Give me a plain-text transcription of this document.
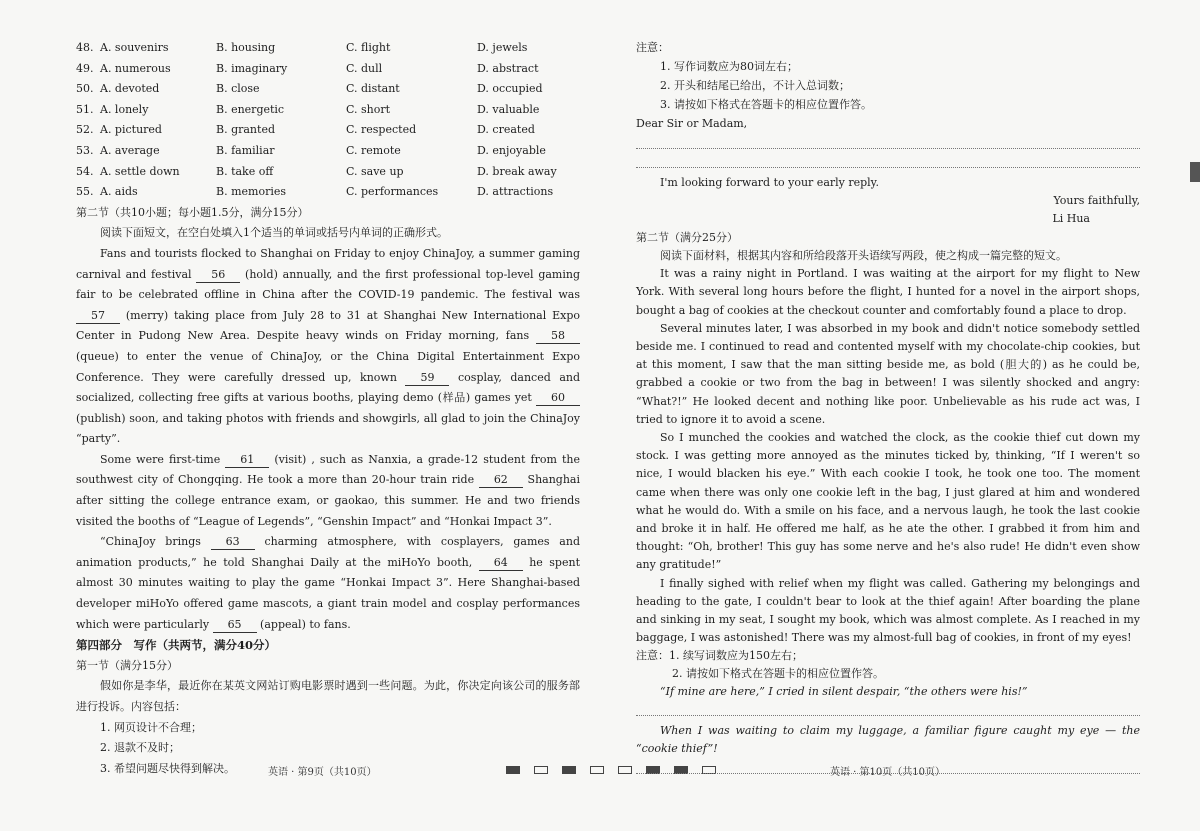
48. A. souvenirs	B. housing	C. flight	D. jewels
49. A. numerous	B. imaginary	C. dull	D. abstract
50. A. devoted	B. close	C. distant	D. occupied
51. A. lonely	B. energetic	C. short	D. valuable
52. A. pictured	B. granted	C. respected	D. created
53. A. average	B. familiar	C. remote	D. enjoyable
54. A. settle down	B. take off	C. save up	D. break away
55. A. aids	B. memories	C. performances	D. attractions
第二节（共10小题；每小题1.5分，满分15分）
阅读下面短文，在空白处填入1个适当的单词或括号内单词的正确形式。
Fans and tourists flocked to Shanghai on Friday to enjoy ChinaJoy, a summer gaming carnival and festival 56 (hold) annually, and the first professional top-level gaming fair to be celebrated offline in China after the COVID-19 pandemic. The festival was 57 (merry) taking place from July 28 to 31 at Shanghai New International Expo Center in Pudong New Area. Despite heavy winds on Friday morning, fans 58 (queue) to enter the venue of ChinaJoy, or the China Digital Entertainment Expo Conference. They were carefully dressed up, known 59 cosplay, danced and socialized, collecting free gifts at various booths, playing demo (样品) games yet 60 (publish) soon, and taking photos with friends and showgirls, all glad to join the ChinaJoy “party”.
Some were first-time 61 (visit) , such as Nanxia, a grade-12 student from the southwest city of Chongqing. He took a more than 20-hour train ride 62 Shanghai after sitting the college entrance exam, or gaokao, this summer. He and two friends visited the booths of “League of Legends”, “Genshin Impact” and “Honkai Impact 3”.
“ChinaJoy brings 63 charming atmosphere, with cosplayers, games and animation products,” he told Shanghai Daily at the miHoYo booth, 64 he spent almost 30 minutes waiting to play the game “Honkai Impact 3”. Here Shanghai-based developer miHoYo offered game mascots, a giant train model and cosplay performances which were particularly 65 (appeal) to fans.
第四部分　写作（共两节，满分40分）
第一节（满分15分）
假如你是李华，最近你在某英文网站订购电影票时遇到一些问题。为此，你决定向该公司的服务部进行投诉。内容包括：
1. 网页设计不合理；
2. 退款不及时；
3. 希望问题尽快得到解决。	英语 · 第9页（共10页）
注意：
1. 写作词数应为80词左右；
2. 开头和结尾已给出，不计入总词数；
3. 请按如下格式在答题卡的相应位置作答。
Dear Sir or Madam,
I'm looking forward to your early reply.
Yours faithfully,
Li Hua
第二节（满分25分）
阅读下面材料，根据其内容和所给段落开头语续写两段，使之构成一篇完整的短文。
It was a rainy night in Portland. I was waiting at the airport for my flight to New York. With several long hours before the flight, I hunted for a novel in the airport shops, bought a bag of cookies at the checkout counter and comfortably found a place to drop.
Several minutes later, I was absorbed in my book and didn't notice somebody settled beside me. I continued to read and contented myself with my chocolate-chip cookies, but at this moment, I saw that the man sitting beside me, as bold (胆大的) as he could be, grabbed a cookie or two from the bag in between! I was silently shocked and angry: “What?!” He looked decent and nothing like poor. Unbelievable as his rude act was, I tried to ignore it to avoid a scene.
So I munched the cookies and watched the clock, as the cookie thief cut down my stock. I was getting more annoyed as the minutes ticked by, thinking, “If I weren't so nice, I would blacken his eye.” With each cookie I took, he took one too. The moment came when there was only one cookie left in the bag, I just glared at him and wondered what he would do. With a smile on his face, and a nervous laugh, he took the last cookie and broke it in half. He offered me half, as he ate the other. I grabbed it from him and thought: “Oh, brother! This guy has some nerve and he's also rude! He didn't even show any gratitude!”
I finally sighed with relief when my flight was called. Gathering my belongings and heading to the gate, I couldn't bear to look at the thief again! After boarding the plane and sinking in my seat, I sought my book, which was almost complete. As I reached in my baggage, I was astonished! There was my almost-full bag of cookies, in front of my eyes!
注意：1. 续写词数应为150左右；
2. 请按如下格式在答题卡的相应位置作答。
“If mine are here,” I cried in silent despair, “the others were his!”
When I was waiting to claim my luggage, a familiar figure caught my eye — the “cookie thief”!
英语 · 第10页（共10页）
